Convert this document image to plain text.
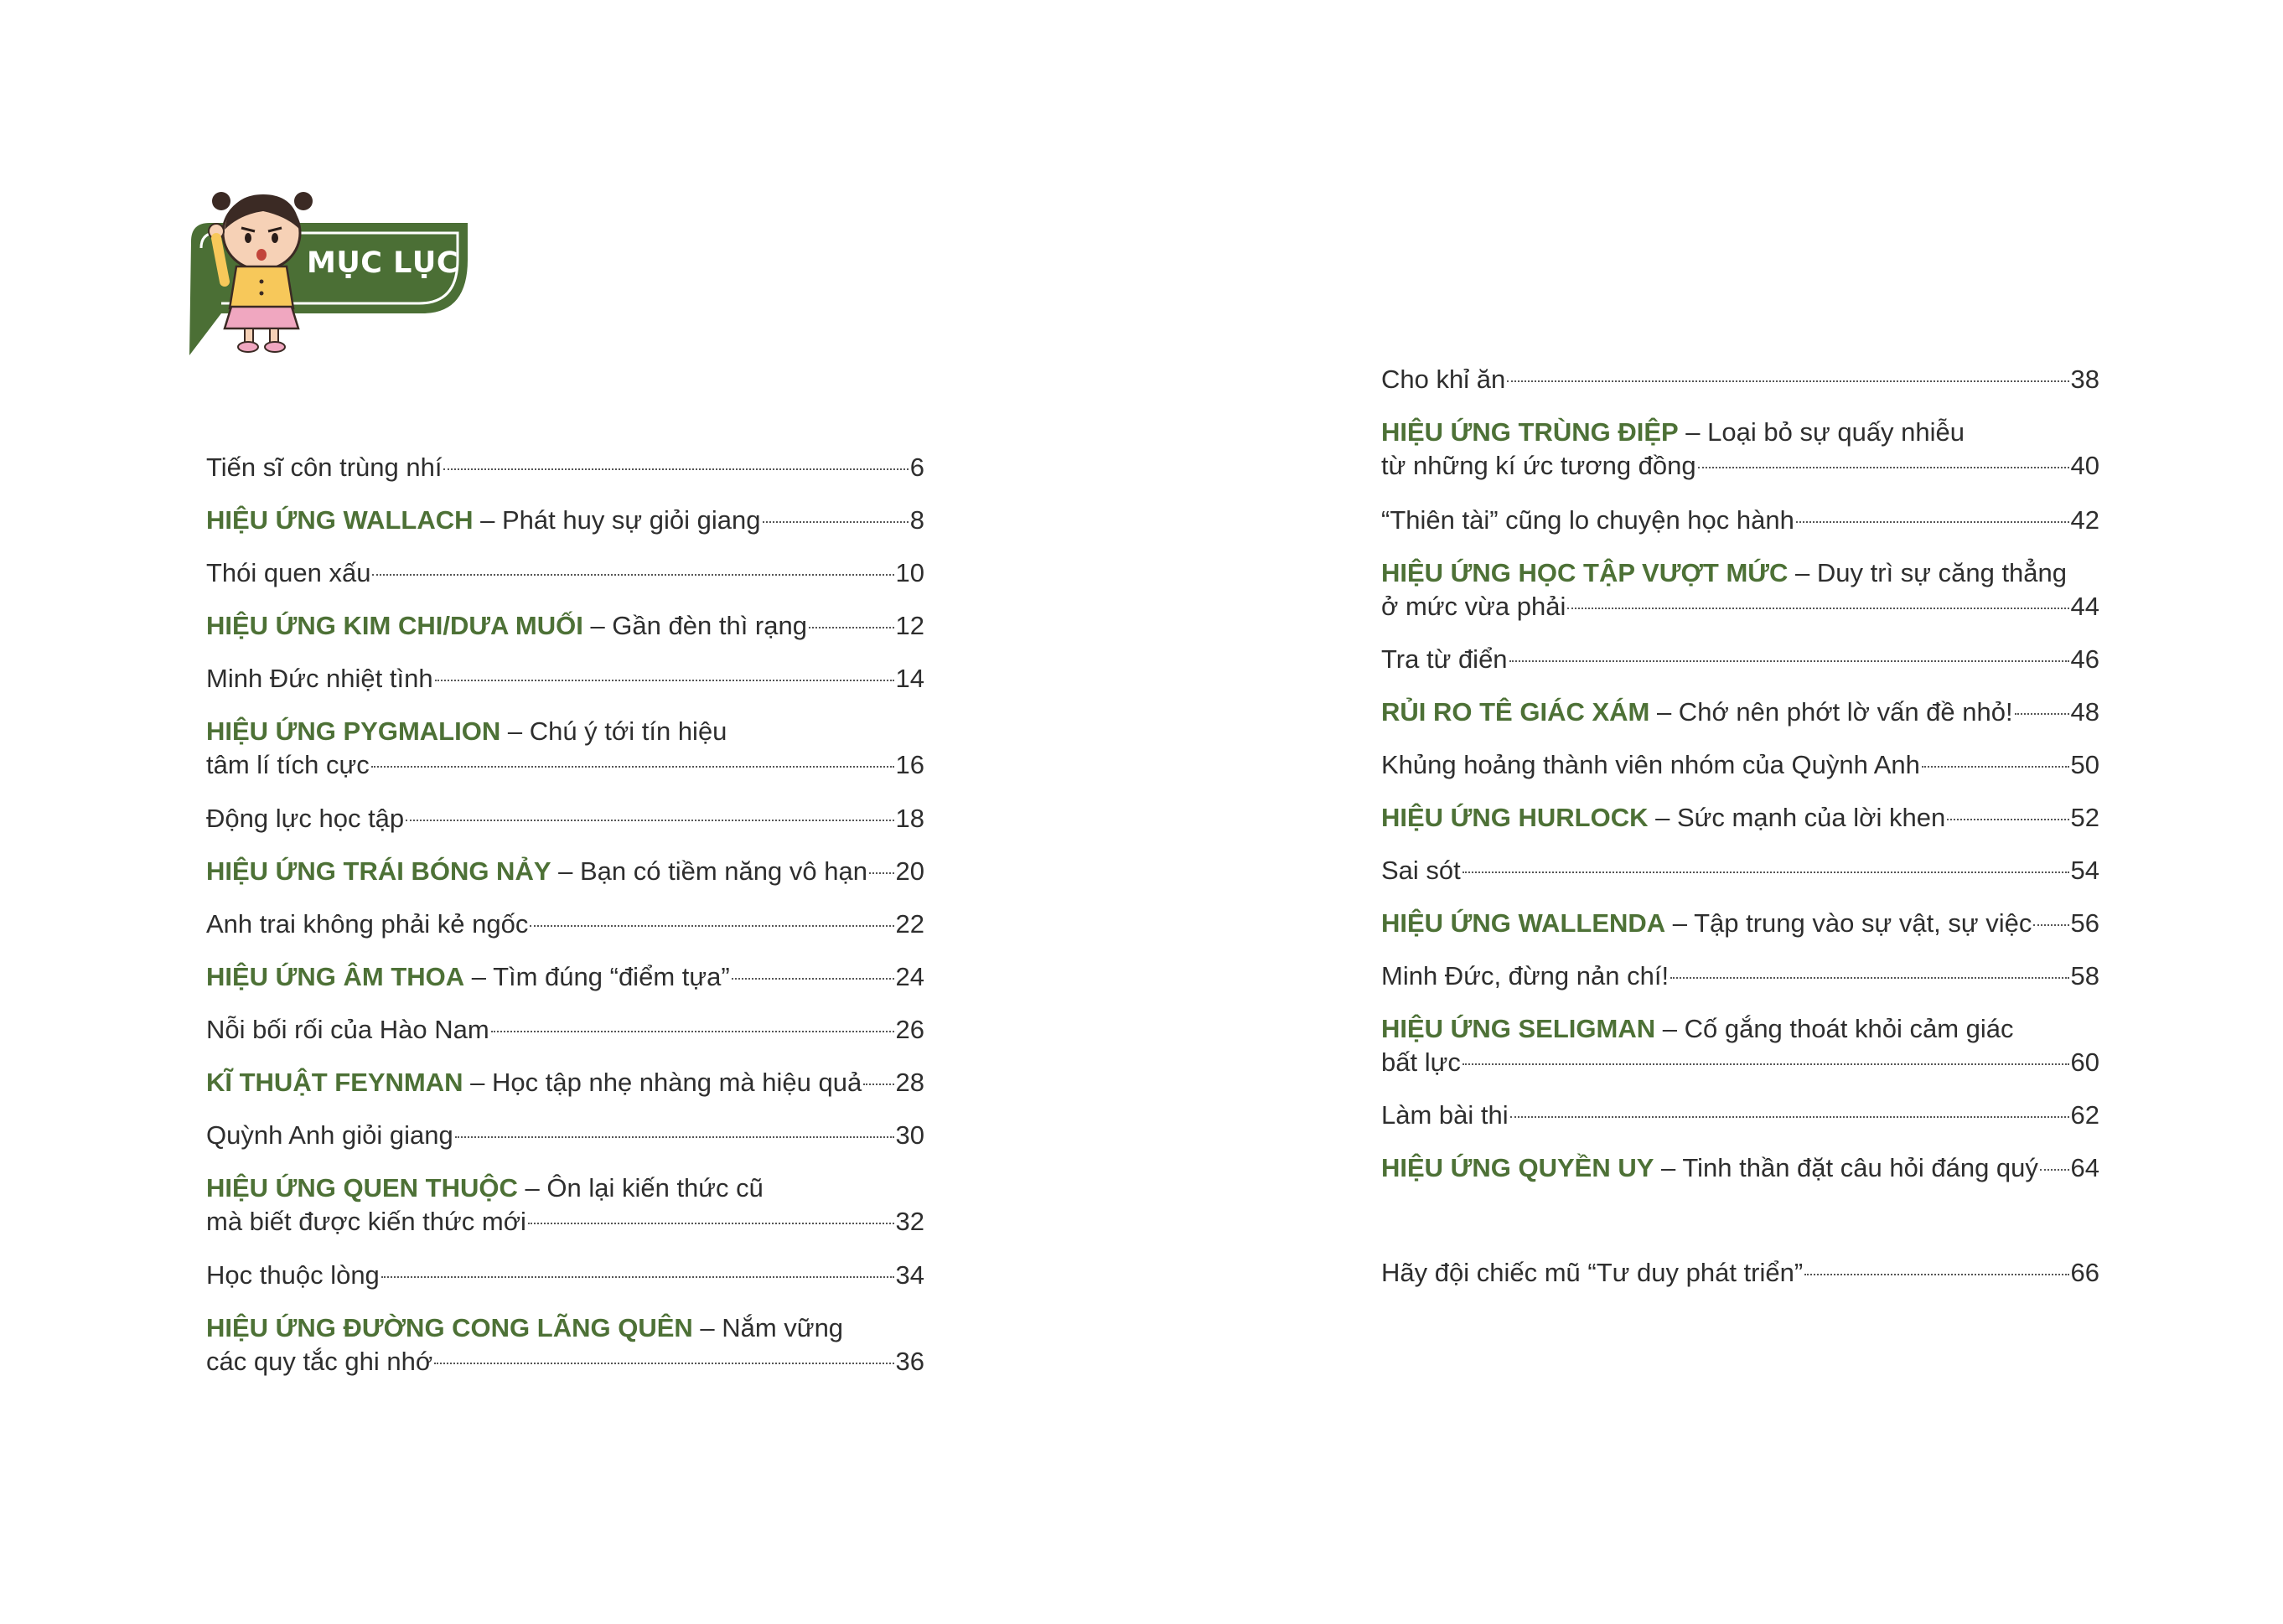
MỤC LỤC
Tiến sĩ côn trùng nhí	6
HIỆU ỨNG WALLACH – Phát huy sự giỏi giang	8
Thói quen xấu	10
HIỆU ỨNG KIM CHI/DƯA MUỐI – Gần đèn thì rạng	12
Minh Đức nhiệt tình	14
HIỆU ỨNG PYGMALION – Chú ý tới tín hiệu
tâm lí tích cực	16
Động lực học tập	18
HIỆU ỨNG TRÁI BÓNG NẢY – Bạn có tiềm năng vô hạn 20
Anh trai không phải kẻ ngốc	22
HIỆU ỨNG ÂM THOA – Tìm đúng “điểm tựa”	24
Nỗi bối rối của Hào Nam	26
KĨ THUẬT FEYNMAN – Học tập nhẹ nhàng mà hiệu quả 28
Quỳnh Anh giỏi giang	30
HIỆU ỨNG QUEN THUỘC – Ôn lại kiến thức cũ
mà biết được kiến thức mới	32
Học thuộc lòng	34
HIỆU ỨNG ĐƯỜNG CONG LÃNG QUÊN – Nắm vững
các quy tắc ghi nhớ	36
Cho khỉ ăn	38
HIỆU ỨNG TRÙNG ĐIỆP – Loại bỏ sự quấy nhiễu
từ những kí ức tương đồng	40
“Thiên tài” cũng lo chuyện học hành	42
HIỆU ỨNG HỌC TẬP VƯỢT MỨC – Duy trì sự căng thẳng
ở mức vừa phải	44
Tra từ điển	46
RỦI RO TÊ GIÁC XÁM – Chớ nên phớt lờ vấn đề nhỏ! 48
Khủng hoảng thành viên nhóm của Quỳnh Anh	50
HIỆU ỨNG HURLOCK – Sức mạnh của lời khen	52
Sai sót	54
HIỆU ỨNG WALLENDA – Tập trung vào sự vật, sự việc 56
Minh Đức, đừng nản chí!	58
HIỆU ỨNG SELIGMAN – Cố gắng thoát khỏi cảm giác
bất lực	60
Làm bài thi	62
HIỆU ỨNG QUYỀN UY – Tinh thần đặt câu hỏi đáng quý 64
Hãy đội chiếc mũ “Tư duy phát triển”	66
